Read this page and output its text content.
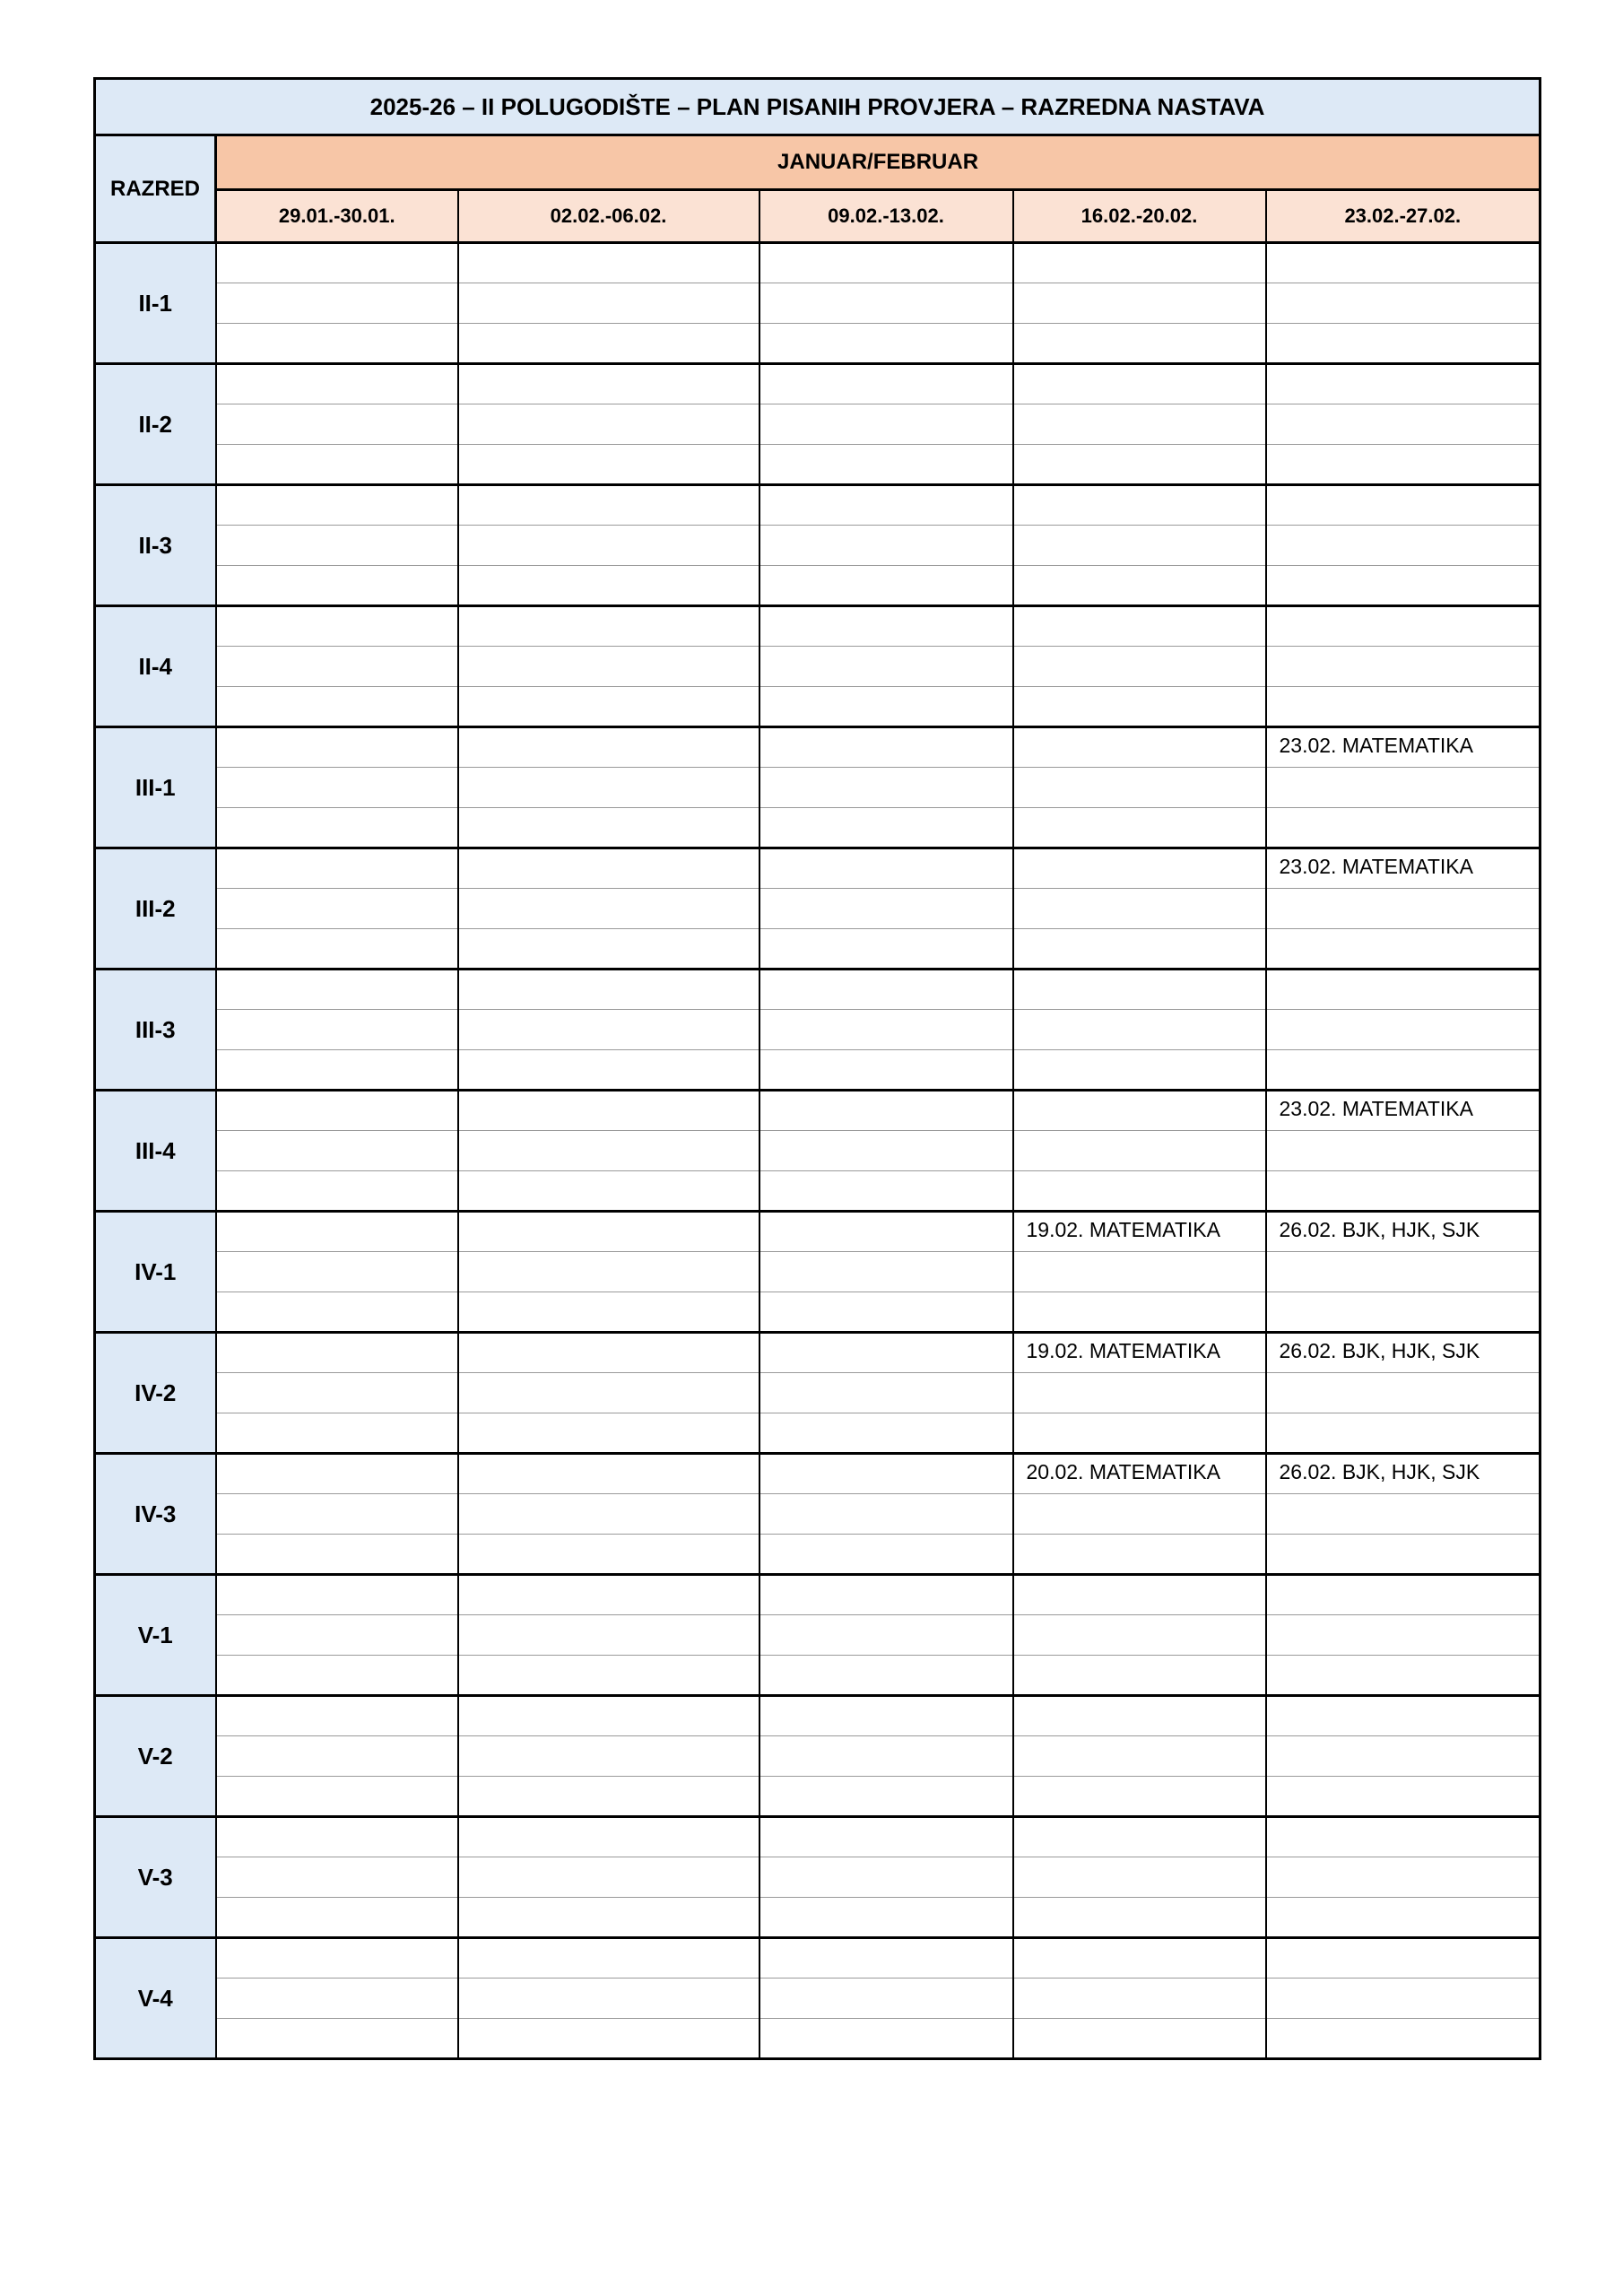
2025-26 – II POLUGODIŠTE – PLAN PISANIH PROVJERA – RAZREDNA NASTAVA					
RAZRED	JANUAR/FEBRUAR				
	29.01.-30.01.	02.02.-06.02.	09.02.-13.02.	16.02.-20.02.	23.02.-27.02.
II-1					

II-2					

II-3					

II-4					

III-1					23.02. MATEMATIKA

III-2					23.02. MATEMATIKA

III-3					

III-4					23.02. MATEMATIKA

IV-1				19.02. MATEMATIKA	26.02. BJK, HJK, SJK

IV-2				19.02. MATEMATIKA	26.02. BJK, HJK, SJK

IV-3				20.02. MATEMATIKA	26.02. BJK, HJK, SJK

V-1					

V-2					

V-3					

V-4					
